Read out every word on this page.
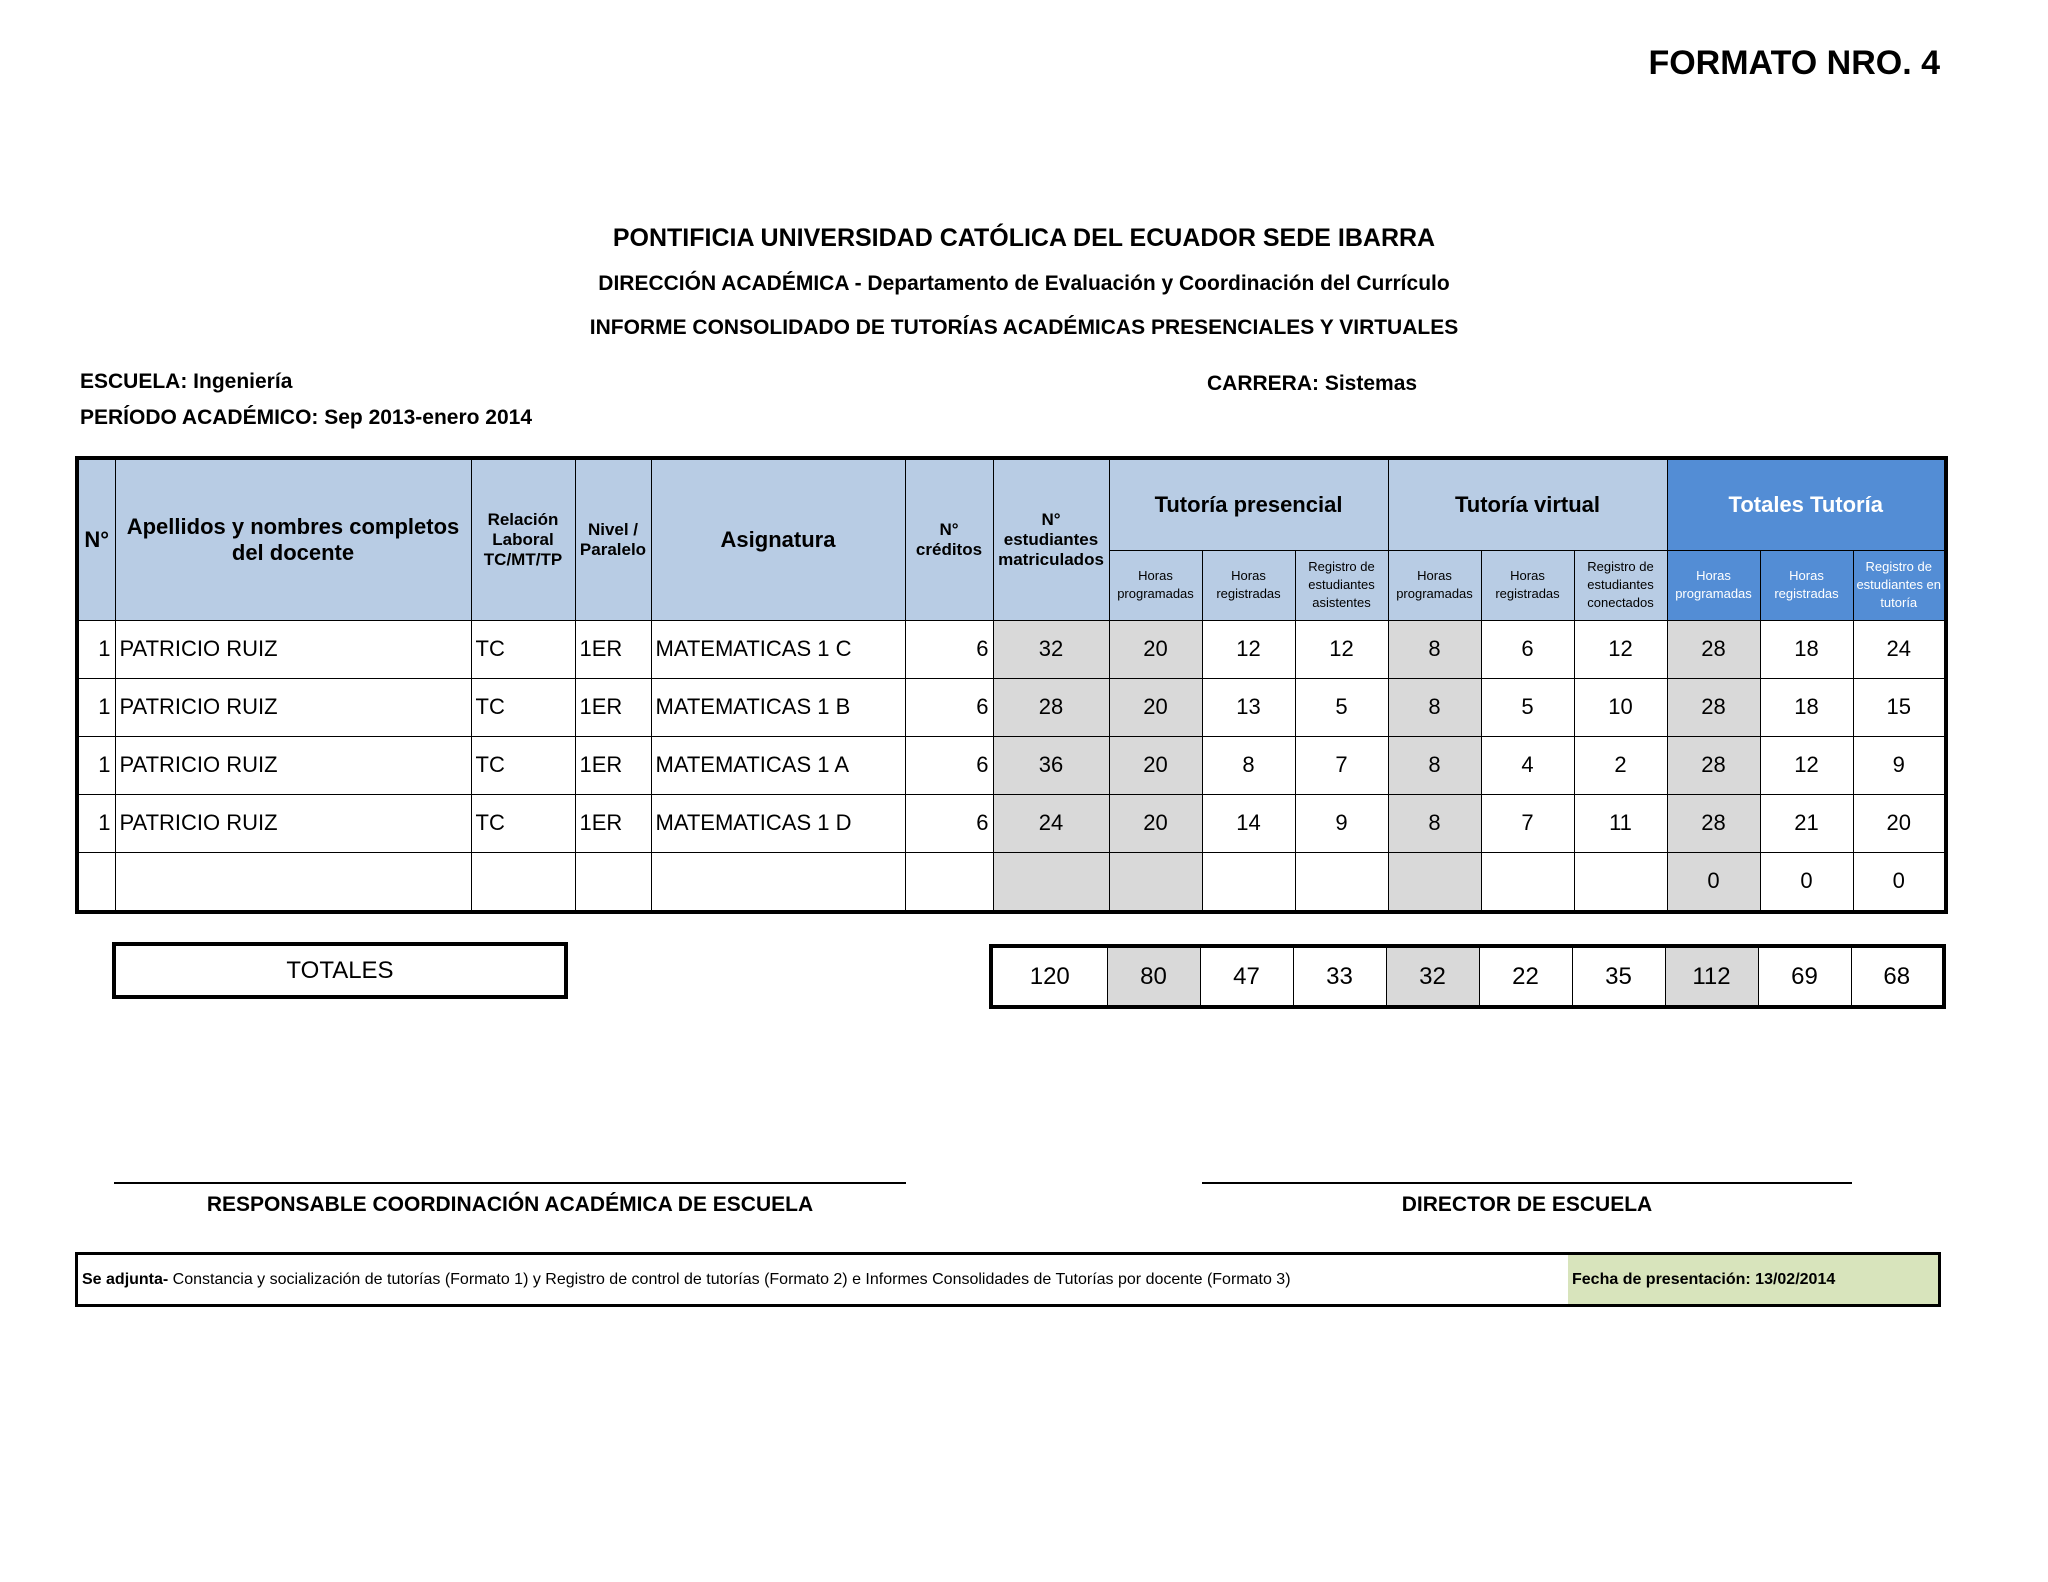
FORMATO NRO. 4
PONTIFICIA UNIVERSIDAD CATÓLICA DEL ECUADOR SEDE IBARRA
DIRECCIÓN ACADÉMICA - Departamento de Evaluación y Coordinación del Currículo
INFORME CONSOLIDADO DE TUTORÍAS ACADÉMICAS PRESENCIALES Y VIRTUALES
ESCUELA: Ingeniería
PERÍODO ACADÉMICO: Sep 2013-enero 2014
CARRERA: Sistemas
N°	Apellidos y nombres completos del docente	Relación Laboral TC/MT/TP	Nivel / Paralelo	Asignatura	N° créditos	N° estudiantes matriculados	Tutoría presencial			Tutoría virtual			Totales Tutoría		
							Horas programadas	Horas registradas	Registro de estudiantes asistentes	Horas programadas	Horas registradas	Registro de estudiantes conectados	Horas programadas	Horas registradas	Registro de estudiantes en tutoría
1	PATRICIO RUIZ	TC	1ER	MATEMATICAS 1 C	6	32	20	12	12	8	6	12	28	18	24
1	PATRICIO RUIZ	TC	1ER	MATEMATICAS 1 B	6	28	20	13	5	8	5	10	28	18	15
1	PATRICIO RUIZ	TC	1ER	MATEMATICAS 1 A	6	36	20	8	7	8	4	2	28	12	9
1	PATRICIO RUIZ	TC	1ER	MATEMATICAS 1 D	6	24	20	14	9	8	7	11	28	21	20
													0	0	0
TOTALES	120	80	47	33	32	22	35	112	69	68
RESPONSABLE COORDINACIÓN ACADÉMICA DE ESCUELA	DIRECTOR DE ESCUELA
Se adjunta- Constancia y socialización de tutorías (Formato 1) y Registro de control de tutorías (Formato 2) e Informes Consolidades de Tutorías por docente (Formato 3)	Fecha de presentación: 13/02/2014
